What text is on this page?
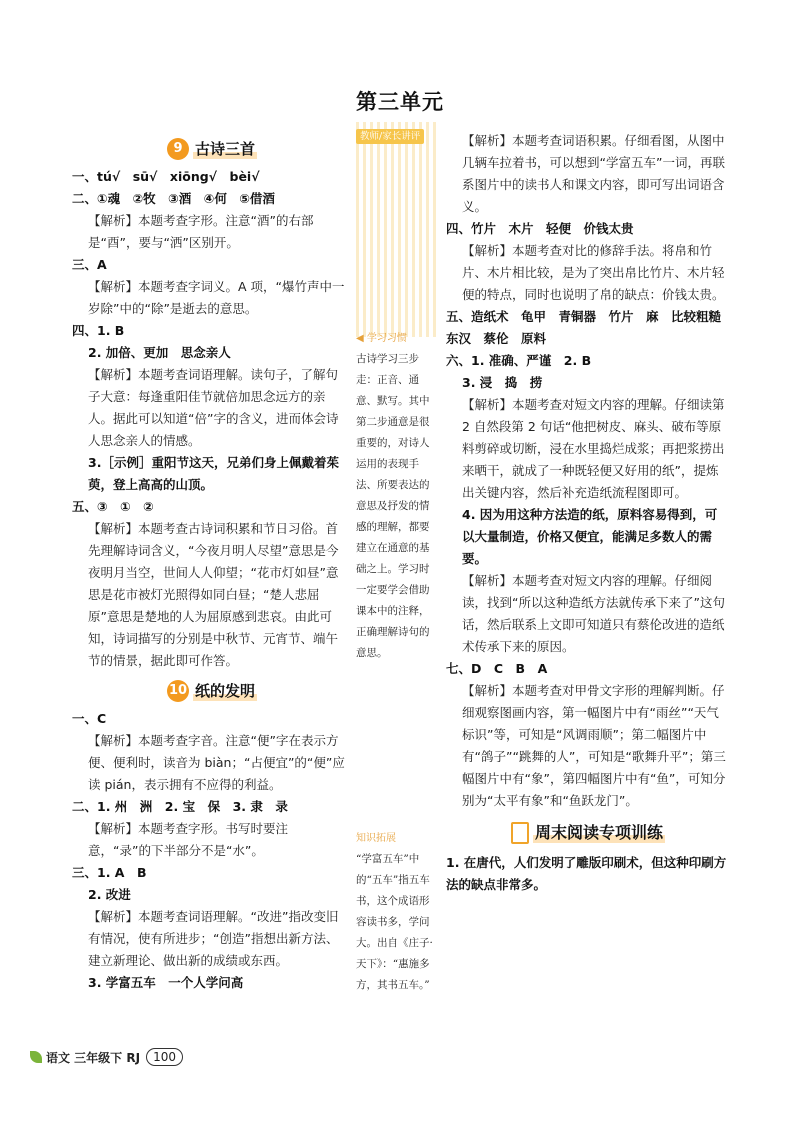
第三单元
9 古诗三首

一、tú√　sū√　xiōng√　bèi√

二、①魂　②牧　③酒　④何　⑤借酒

【解析】本题考查字形。注意“酒”的右部是“酉”，要与“洒”区别开。

三、A

【解析】本题考查字词义。A 项，“爆竹声中一岁除”中的“除”是逝去的意思。

四、1. B

2. 加倍、更加　思念亲人

【解析】本题考查词语理解。读句子，了解句子大意：每逢重阳佳节就倍加思念远方的亲人。据此可以知道“倍”字的含义，进而体会诗人思念亲人的情感。

3.［示例］重阳节这天，兄弟们身上佩戴着茱萸，登上高高的山顶。

五、③　①　②

【解析】本题考查古诗词积累和节日习俗。首先理解诗词含义，“今夜月明人尽望”意思是今夜明月当空，世间人人仰望；“花市灯如昼”意思是花市被灯光照得如同白昼；“楚人悲屈原”意思是楚地的人为屈原感到悲哀。由此可知，诗词描写的分别是中秋节、元宵节、端午节的情景，据此即可作答。

10 纸的发明

一、C

【解析】本题考查字音。注意“便”字在表示方便、便利时，读音为 biàn；“占便宜”的“便”应读 pián，表示拥有不应得的利益。

二、1. 州　洲　2. 宝　保　3. 隶　录

【解析】本题考查字形。书写时要注意，“录”的下半部分不是“水”。

三、1. A　B

2. 改进

【解析】本题考查词语理解。“改进”指改变旧有情况，使有所进步；“创造”指想出新方法、建立新理论、做出新的成绩或东西。

3. 学富五车　一个人学问高

教师/家长讲评
◀ 学习习惯
古诗学习三步走：正音、通意、默写。其中第二步通意是很重要的，对诗人运用的表现手法、所要表达的意思及抒发的情感的理解，都要建立在通意的基础之上。学习时一定要学会借助课本中的注释，正确理解诗句的意思。
知识拓展
“学富五车”中的“五车”指五车书，这个成语形容读书多，学问大。出自《庄子·天下》：“惠施多方，其书五车。”

【解析】本题考查词语积累。仔细看图，从图中几辆车拉着书，可以想到“学富五车”一词，再联系图片中的读书人和课文内容，即可写出词语含义。

四、竹片　木片　轻便　价钱太贵

【解析】本题考查对比的修辞手法。将帛和竹片、木片相比较，是为了突出帛比竹片、木片轻便的特点，同时也说明了帛的缺点：价钱太贵。

五、造纸术　龟甲　青铜器　竹片　麻　比较粗糙　东汉　蔡伦　原料

六、1. 准确、严谨　2. B

3. 浸　捣　捞

【解析】本题考查对短文内容的理解。仔细读第 2 自然段第 2 句话“他把树皮、麻头、破布等原料剪碎或切断，浸在水里捣烂成浆；再把浆捞出来晒干，就成了一种既轻便又好用的纸”，提炼出关键内容，然后补充造纸流程图即可。

4. 因为用这种方法造的纸，原料容易得到，可以大量制造，价格又便宜，能满足多数人的需要。

【解析】本题考查对短文内容的理解。仔细阅读，找到“所以这种造纸方法就传承下来了”这句话，然后联系上文即可知道只有蔡伦改进的造纸术传承下来的原因。

七、D　C　B　A

【解析】本题考查对甲骨文字形的理解判断。仔细观察图画内容，第一幅图片中有“雨丝”“天气标识”等，可知是“风调雨顺”；第二幅图片中有“鸽子”“跳舞的人”，可知是“歌舞升平”；第三幅图片中有“象”，第四幅图片中有“鱼”，可知分别为“太平有象”和“鱼跃龙门”。

周末阅读专项训练

1. 在唐代，人们发明了雕版印刷术，但这种印刷方法的缺点非常多。

语文 三年级下 RJ	100
